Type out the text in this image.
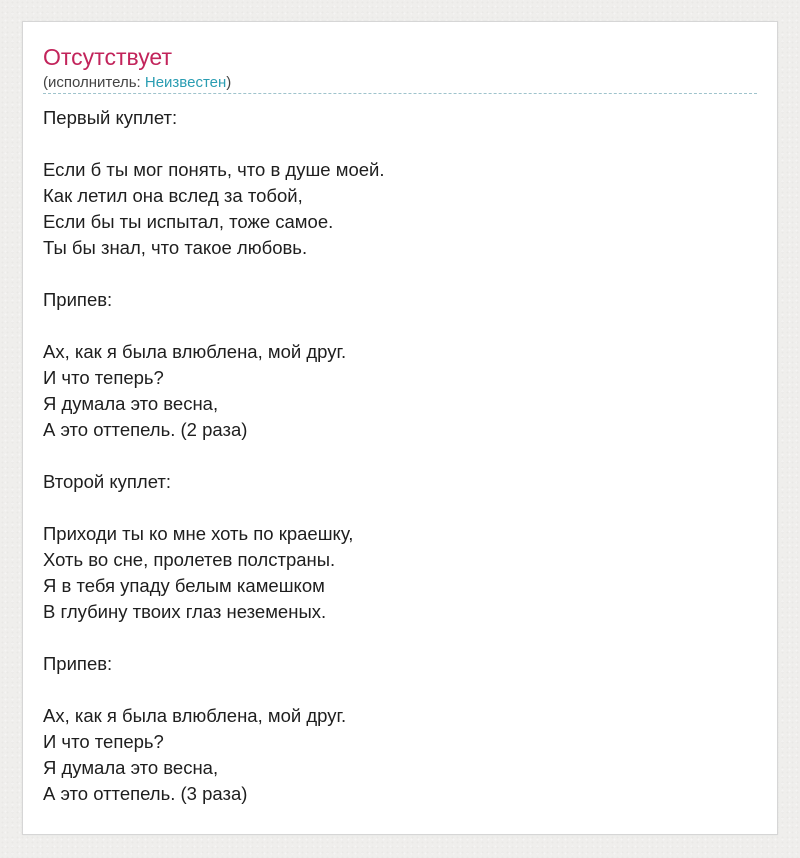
Отсутствует
(исполнитель: Неизвестен)
Первый куплет:
Если б ты мог понять, что в душе моей.
Как летил она вслед за тобой,
Если бы ты испытал, тоже самое.
Ты бы знал, что такое любовь.
Припев:
Ах, как я была влюблена, мой друг.
И что теперь?
Я думала это весна,
А это оттепель. (2 раза)
Второй куплет:
Приходи ты ко мне хоть по краешку,
Хоть во сне, пролетев полстраны.
Я в тебя упаду белым камешком
В глубину твоих глаз неземеных.
Припев:
Ах, как я была влюблена, мой друг.
И что теперь?
Я думала это весна,
А это оттепель. (3 раза)
